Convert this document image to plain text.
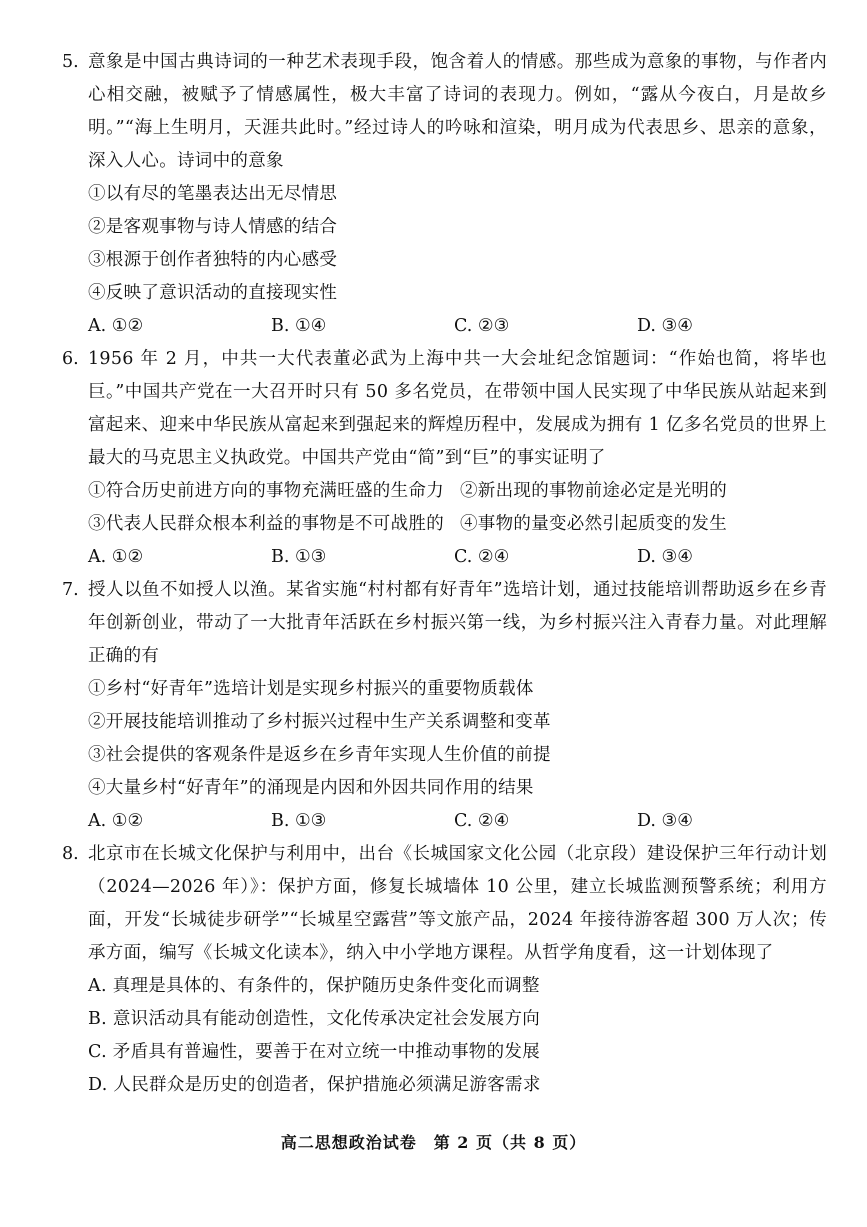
5. 意象是中国古典诗词的一种艺术表现手段，饱含着人的情感。那些成为意象的事物，与作者内心相交融，被赋予了情感属性，极大丰富了诗词的表现力。例如，“露从今夜白，月是故乡明。”“海上生明月，天涯共此时。”经过诗人的吟咏和渲染，明月成为代表思乡、思亲的意象，深入人心。诗词中的意象

①以有尽的笔墨表达出无尽情思

②是客观事物与诗人情感的结合

③根源于创作者独特的内心感受

④反映了意识活动的直接现实性

A. ①②	B. ①④	C. ②③	D. ③④
6. 1956 年 2 月，中共一大代表董必武为上海中共一大会址纪念馆题词：“作始也简，将毕也巨。”中国共产党在一大召开时只有 50 多名党员，在带领中国人民实现了中华民族从站起来到富起来、迎来中华民族从富起来到强起来的辉煌历程中，发展成为拥有 1 亿多名党员的世界上最大的马克思主义执政党。中国共产党由“简”到“巨”的事实证明了

①符合历史前进方向的事物充满旺盛的生命力 ②新出现的事物前途必定是光明的
③代表人民群众根本利益的事物是不可战胜的 ④事物的量变必然引起质变的发生
A. ①②	B. ①③	C. ②④	D. ③④
7. 授人以鱼不如授人以渔。某省实施“村村都有好青年”选培计划，通过技能培训帮助返乡在乡青年创新创业，带动了一大批青年活跃在乡村振兴第一线，为乡村振兴注入青春力量。对此理解正确的有

①乡村“好青年”选培计划是实现乡村振兴的重要物质载体

②开展技能培训推动了乡村振兴过程中生产关系调整和变革

③社会提供的客观条件是返乡在乡青年实现人生价值的前提

④大量乡村“好青年”的涌现是内因和外因共同作用的结果

A. ①②	B. ①③	C. ②④	D. ③④
8. 北京市在长城文化保护与利用中，出台《长城国家文化公园（北京段）建设保护三年行动计划（2024—2026 年）》：保护方面，修复长城墙体 10 公里，建立长城监测预警系统；利用方面，开发“长城徒步研学”“长城星空露营”等文旅产品，2024 年接待游客超 300 万人次；传承方面，编写《长城文化读本》，纳入中小学地方课程。从哲学角度看，这一计划体现了

A. 真理是具体的、有条件的，保护随历史条件变化而调整

B. 意识活动具有能动创造性，文化传承决定社会发展方向

C. 矛盾具有普遍性，要善于在对立统一中推动事物的发展

D. 人民群众是历史的创造者，保护措施必须满足游客需求

高二思想政治试卷　第 2 页（共 8 页）
